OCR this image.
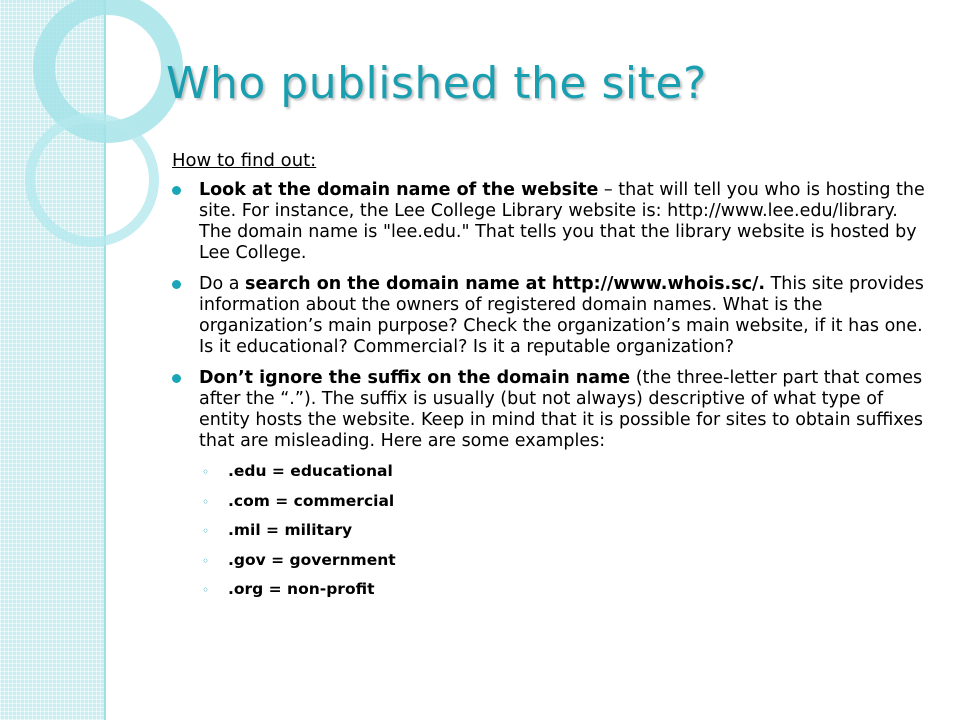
Who published the site?
How to find out:
Look at the domain name of the website – that will tell you who is hosting the site. For instance, the Lee College Library website is: http://www.lee.edu/library. The domain name is "lee.edu." That tells you that the library website is hosted by Lee College.
Do a search on the domain name at http://www.whois.sc/. This site provides information about the owners of registered domain names. What is the organization’s main purpose? Check the organization’s main website, if it has one. Is it educational? Commercial? Is it a reputable organization?
Don’t ignore the suffix on the domain name (the three-letter part that comes after the “.”). The suffix is usually (but not always) descriptive of what type of entity hosts the website. Keep in mind that it is possible for sites to obtain suffixes that are misleading. Here are some examples:
◦ .edu = educational
◦ .com = commercial
◦ .mil = military
◦ .gov = government
◦ .org = non-profit
